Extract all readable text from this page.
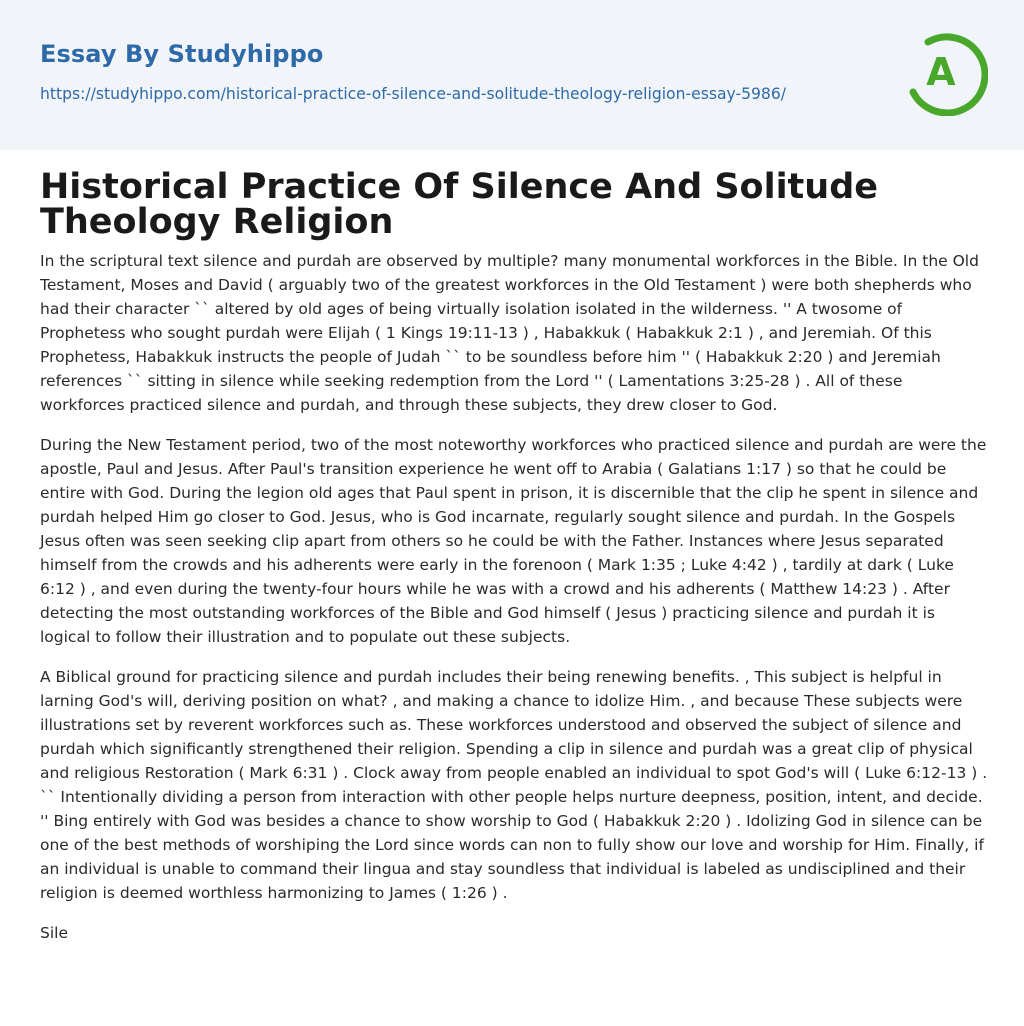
Essay By Studyhippo
https://studyhippo.com/historical-practice-of-silence-and-solitude-theology-religion-essay-5986/	A
Historical Practice Of Silence And Solitude Theology Religion

In the scriptural text silence and purdah are observed by multiple? many monumental workforces in the Bible. In the Old Testament, Moses and David ( arguably two of the greatest workforces in the Old Testament ) were both shepherds who had their character `` altered by old ages of being virtually isolation isolated in the wilderness. '' A twosome of Prophetess who sought purdah were Elijah ( 1 Kings 19:11-13 ) , Habakkuk ( Habakkuk 2:1 ) , and Jeremiah. Of this Prophetess, Habakkuk instructs the people of Judah `` to be soundless before him '' ( Habakkuk 2:20 ) and Jeremiah references `` sitting in silence while seeking redemption from the Lord '' ( Lamentations 3:25-28 ) . All of these workforces practiced silence and purdah, and through these subjects, they drew closer to God.

During the New Testament period, two of the most noteworthy workforces who practiced silence and purdah are were the apostle, Paul and Jesus. After Paul's transition experience he went off to Arabia ( Galatians 1:17 ) so that he could be entire with God. During the legion old ages that Paul spent in prison, it is discernible that the clip he spent in silence and purdah helped Him go closer to God. Jesus, who is God incarnate, regularly sought silence and purdah. In the Gospels Jesus often was seen seeking clip apart from others so he could be with the Father. Instances where Jesus separated himself from the crowds and his adherents were early in the forenoon ( Mark 1:35 ; Luke 4:42 ) , tardily at dark ( Luke 6:12 ) , and even during the twenty-four hours while he was with a crowd and his adherents ( Matthew 14:23 ) . After detecting the most outstanding workforces of the Bible and God himself ( Jesus ) practicing silence and purdah it is logical to follow their illustration and to populate out these subjects.

A Biblical ground for practicing silence and purdah includes their being renewing benefits. , This subject is helpful in larning God's will, deriving position on what? , and making a chance to idolize Him. , and because These subjects were illustrations set by reverent workforces such as. These workforces understood and observed the subject of silence and purdah which significantly strengthened their religion. Spending a clip in silence and purdah was a great clip of physical and religious Restoration ( Mark 6:31 ) . Clock away from people enabled an individual to spot God's will ( Luke 6:12-13 ) . `` Intentionally dividing a person from interaction with other people helps nurture deepness, position, intent, and decide. '' Bing entirely with God was besides a chance to show worship to God ( Habakkuk 2:20 ) . Idolizing God in silence can be one of the best methods of worshiping the Lord since words can non to fully show our love and worship for Him. Finally, if an individual is unable to command their lingua and stay soundless that individual is labeled as undisciplined and their religion is deemed worthless harmonizing to James ( 1:26 ) .

Sile
